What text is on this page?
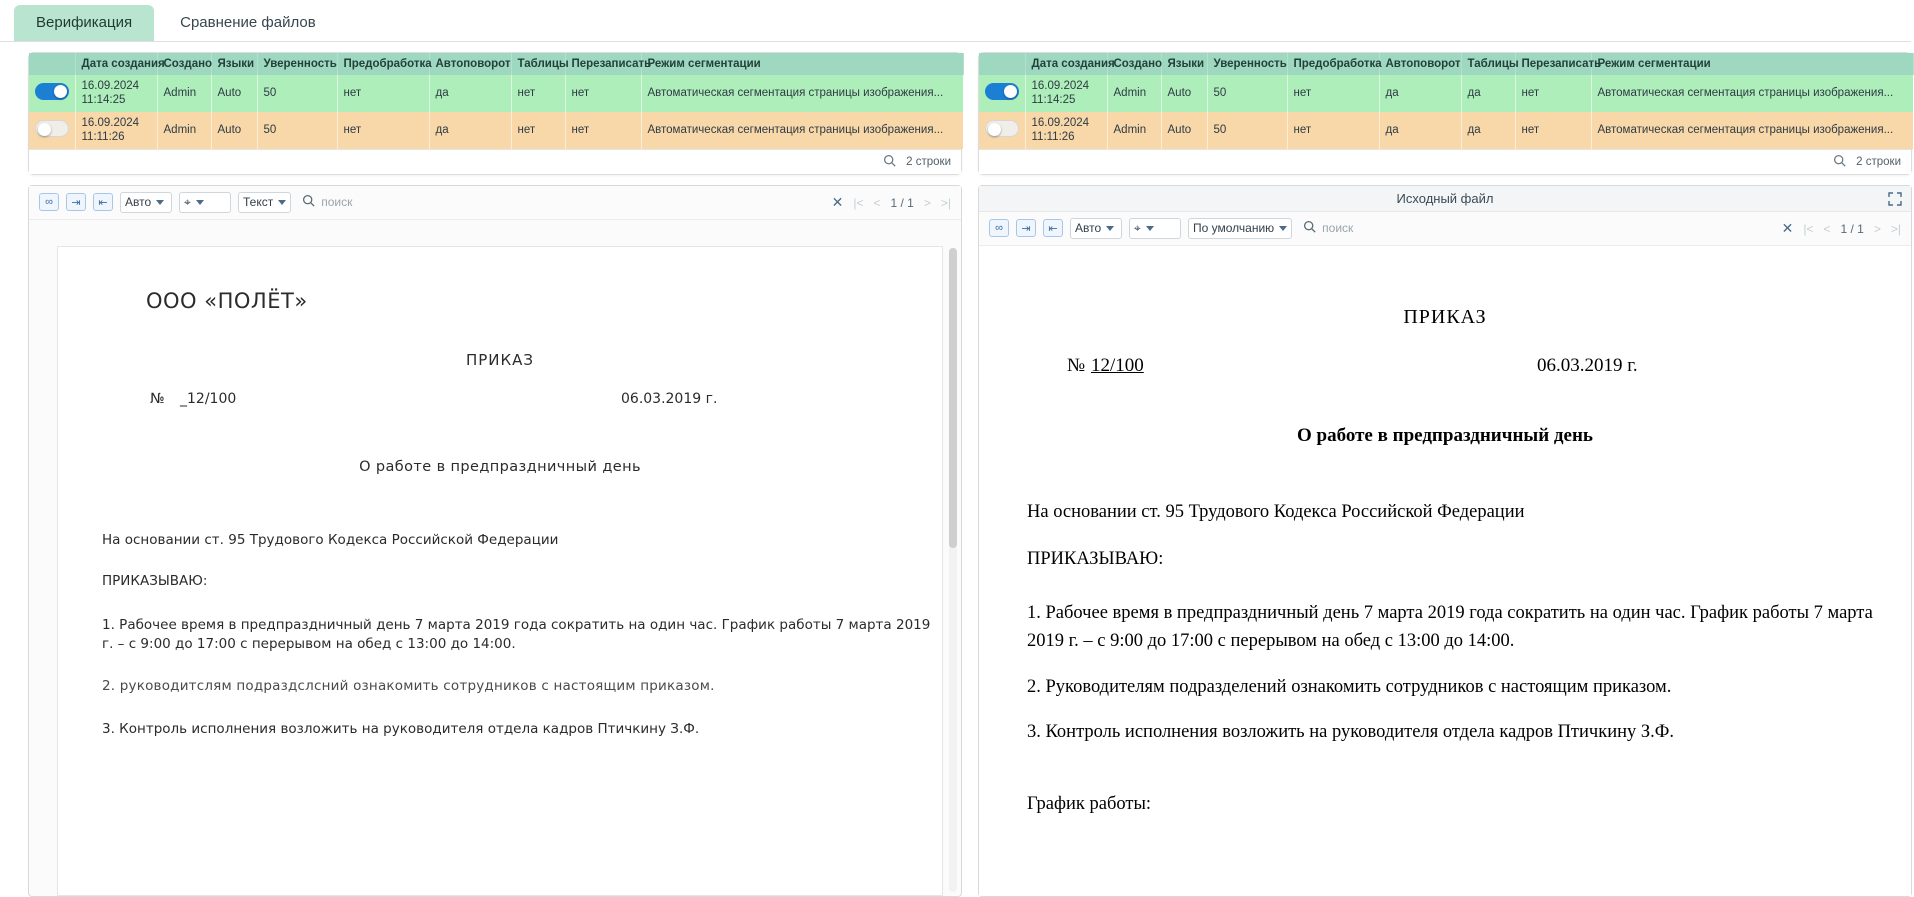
Верификация	Сравнение файлов
	Дата создания	Создано	Языки	Уверенность	Предобработка	Автоповорот	Таблицы	Перезаписать	Режим сегментации

	16.09.2024 11:14:25	Admin	Auto	50	нет	да	нет	нет	Автоматическая сегментация страницы изображения...

	16.09.2024 11:11:26	Admin	Auto	50	нет	да	нет	нет	Автоматическая сегментация страницы изображения...
2 строки
∞	⇥	⇤	Авто	⌖	Текст	поиск	✕ |< < 1 / 1 > >|
ООО «ПОЛЁТ»
ПРИКАЗ
№ _12/100	06.03.2019 г.
О работе в предпраздничный день

На основании ст. 95 Трудового Кодекса Российской Федерации

ПРИКАЗЫВАЮ:

1. Рабочее время в предпраздничный день 7 марта 2019 года сократить на один час. График работы 7 марта 2019 г. – с 9:00 до 17:00 с перерывом на обед с 13:00 до 14:00.

2. руководитслям подраздслсний ознакомить сотрудников с настоящим приказом.

3. Контроль исполнения возложить на руководителя отдела кадров Птичкину З.Ф.

	Дата создания	Создано	Языки	Уверенность	Предобработка	Автоповорот	Таблицы	Перезаписать	Режим сегментации

	16.09.2024 11:14:25	Admin	Auto	50	нет	да	да	нет	Автоматическая сегментация страницы изображения...

	16.09.2024 11:11:26	Admin	Auto	50	нет	да	да	нет	Автоматическая сегментация страницы изображения...
2 строки
Исходный файл
∞	⇥	⇤	Авто	⌖	По умолчанию	поиск	✕ |< < 1 / 1 > >|
ПРИКАЗ
№ 12/100	06.03.2019 г.
О работе в предпраздничный день

На основании ст. 95 Трудового Кодекса Российской Федерации

ПРИКАЗЫВАЮ:

1. Рабочее время в предпраздничный день 7 марта 2019 года сократить на один час. График работы 7 марта 2019 г. – с 9:00 до 17:00 с перерывом на обед с 13:00 до 14:00.

2. Руководителям подразделений ознакомить сотрудников с настоящим приказом.

3. Контроль исполнения возложить на руководителя отдела кадров Птичкину З.Ф.

График работы:
